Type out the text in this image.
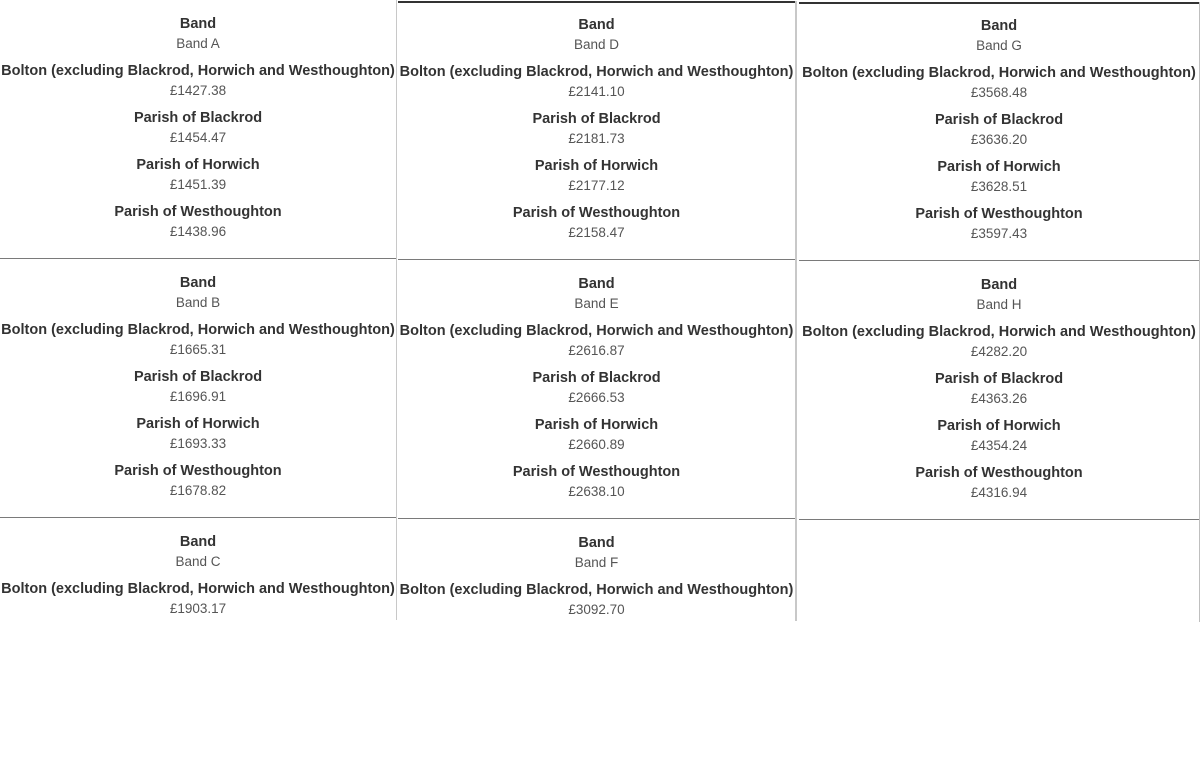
Band
Band A
Bolton (excluding Blackrod, Horwich and Westhoughton)
£1427.38
Parish of Blackrod
£1454.47
Parish of Horwich
£1451.39
Parish of Westhoughton
£1438.96
Band
Band B
Bolton (excluding Blackrod, Horwich and Westhoughton)
£1665.31
Parish of Blackrod
£1696.91
Parish of Horwich
£1693.33
Parish of Westhoughton
£1678.82
Band
Band C
Bolton (excluding Blackrod, Horwich and Westhoughton)
£1903.17
Band
Band D
Bolton (excluding Blackrod, Horwich and Westhoughton)
£2141.10
Parish of Blackrod
£2181.73
Parish of Horwich
£2177.12
Parish of Westhoughton
£2158.47
Band
Band E
Bolton (excluding Blackrod, Horwich and Westhoughton)
£2616.87
Parish of Blackrod
£2666.53
Parish of Horwich
£2660.89
Parish of Westhoughton
£2638.10
Band
Band F
Bolton (excluding Blackrod, Horwich and Westhoughton)
£3092.70
Band
Band G
Bolton (excluding Blackrod, Horwich and Westhoughton)
£3568.48
Parish of Blackrod
£3636.20
Parish of Horwich
£3628.51
Parish of Westhoughton
£3597.43
Band
Band H
Bolton (excluding Blackrod, Horwich and Westhoughton)
£4282.20
Parish of Blackrod
£4363.26
Parish of Horwich
£4354.24
Parish of Westhoughton
£4316.94
